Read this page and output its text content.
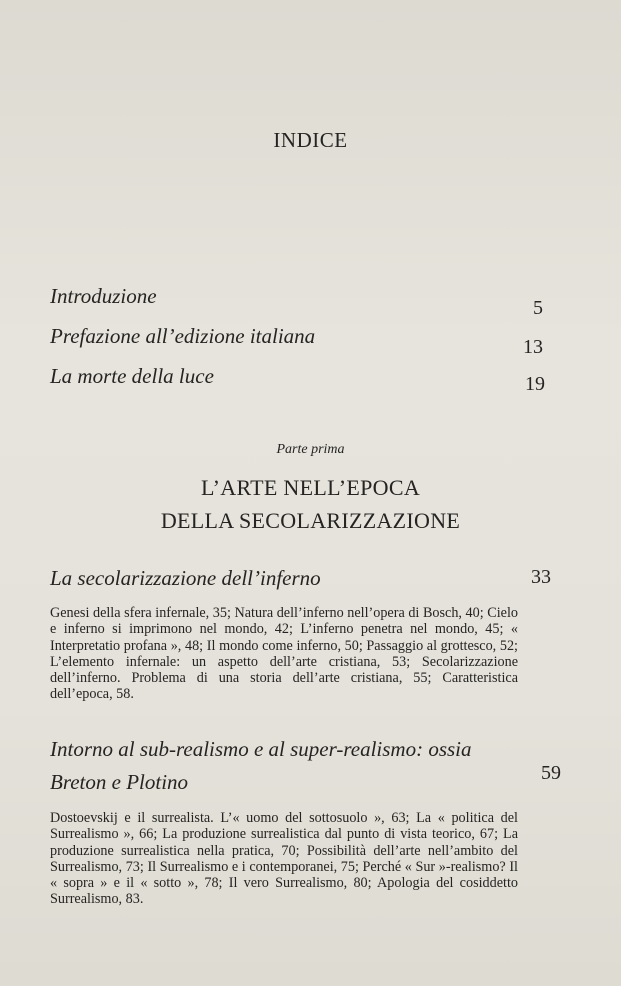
INDICE
Introduzione	5
Prefazione all’edizione italiana	13
La morte della luce	19
Parte prima
L’ARTE NELL’EPOCA
DELLA SECOLARIZZAZIONE
La secolarizzazione dell’inferno	33
Genesi della sfera infernale, 35; Natura dell’inferno nell’opera di Bosch, 40; Cielo e inferno si imprimono nel mondo, 42; L’inferno penetra nel mondo, 45; « Interpretatio profana », 48; Il mondo come inferno, 50; Passaggio al grottesco, 52; L’elemento infernale: un aspetto dell’arte cristiana, 53; Secolarizzazione dell’inferno. Problema di una storia dell’arte cristiana, 55; Caratteristica dell’epoca, 58.
Intorno al sub-realismo e al super-realismo: ossia
Breton e Plotino	59
Dostoevskij e il surrealista. L’« uomo del sottosuolo », 63; La « politica del Surrealismo », 66; La produzione surrealistica dal punto di vista teorico, 67; La produzione surrealistica nella pratica, 70; Possibilità dell’arte nell’ambito del Surrealismo, 73; Il Surrealismo e i contemporanei, 75; Perché « Sur »-realismo? Il « sopra » e il « sotto », 78; Il vero Surrealismo, 80; Apologia del cosiddetto Surrealismo, 83.
